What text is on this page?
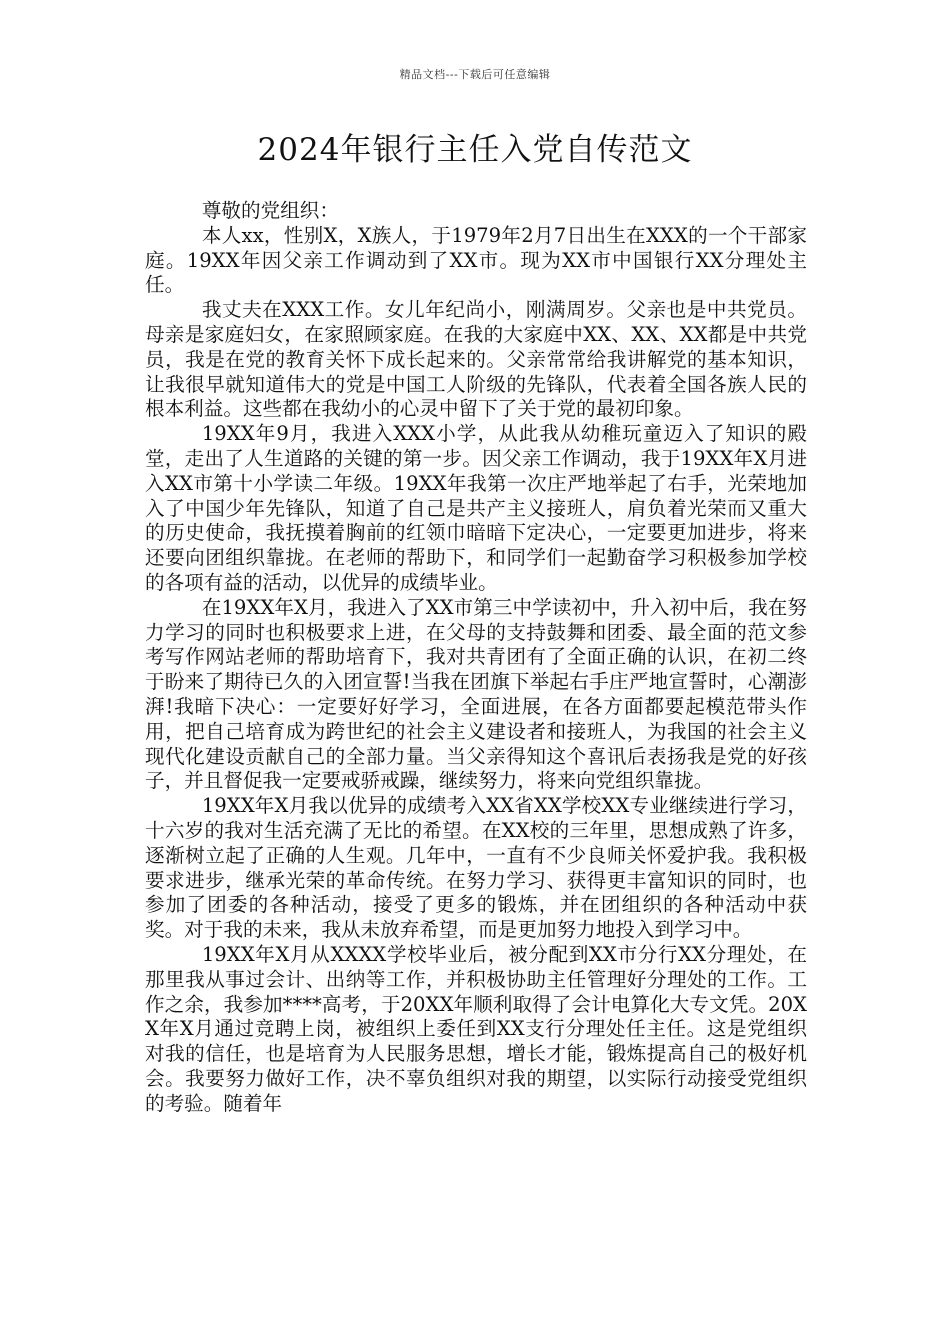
精品文档---下载后可任意编辑
2024年银行主任入党自传范文

尊敬的党组织：

本人xx，性别X，X族人，于1979年2月7日出生在XXX的一个干部家庭。19XX年因父亲工作调动到了XX市。现为XX市中国银行XX分理处主任。

我丈夫在XXX工作。女儿年纪尚小，刚满周岁。父亲也是中共党员。母亲是家庭妇女，在家照顾家庭。在我的大家庭中XX、XX、XX都是中共党员，我是在党的教育关怀下成长起来的。父亲常常给我讲解党的基本知识，让我很早就知道伟大的党是中国工人阶级的先锋队，代表着全国各族人民的根本利益。这些都在我幼小的心灵中留下了关于党的最初印象。

19XX年9月，我进入XXX小学，从此我从幼稚玩童迈入了知识的殿堂，走出了人生道路的关键的第一步。因父亲工作调动，我于19XX年X月进入XX市第十小学读二年级。19XX年我第一次庄严地举起了右手，光荣地加入了中国少年先锋队，知道了自己是共产主义接班人，肩负着光荣而又重大的历史使命，我抚摸着胸前的红领巾暗暗下定决心，一定要更加进步，将来还要向团组织靠拢。在老师的帮助下，和同学们一起勤奋学习积极参加学校的各项有益的活动，以优异的成绩毕业。

在19XX年X月，我进入了XX市第三中学读初中，升入初中后，我在努力学习的同时也积极要求上进，在父母的支持鼓舞和团委、最全面的范文参考写作网站老师的帮助培育下，我对共青团有了全面正确的认识，在初二终于盼来了期待已久的入团宣誓!当我在团旗下举起右手庄严地宣誓时，心潮澎湃!我暗下决心：一定要好好学习，全面进展，在各方面都要起模范带头作用，把自己培育成为跨世纪的社会主义建设者和接班人，为我国的社会主义现代化建设贡献自己的全部力量。当父亲得知这个喜讯后表扬我是党的好孩子，并且督促我一定要戒骄戒躁，继续努力，将来向党组织靠拢。

19XX年X月我以优异的成绩考入XX省XX学校XX专业继续进行学习，十六岁的我对生活充满了无比的希望。在XX校的三年里，思想成熟了许多，逐渐树立起了正确的人生观。几年中，一直有不少良师关怀爱护我。我积极要求进步，继承光荣的革命传统。在努力学习、获得更丰富知识的同时，也参加了团委的各种活动，接受了更多的锻炼，并在团组织的各种活动中获奖。对于我的未来，我从未放弃希望，而是更加努力地投入到学习中。

19XX年X月从XXXX学校毕业后，被分配到XX市分行XX分理处，在那里我从事过会计、出纳等工作，并积极协助主任管理好分理处的工作。工作之余，我参加****高考，于20XX年顺利取得了会计电算化大专文凭。20XX年X月通过竞聘上岗，被组织上委任到XX支行分理处任主任。这是党组织对我的信任，也是培育为人民服务思想，增长才能，锻炼提高自己的极好机会。我要努力做好工作，决不辜负组织对我的期望，以实际行动接受党组织的考验。随着年
